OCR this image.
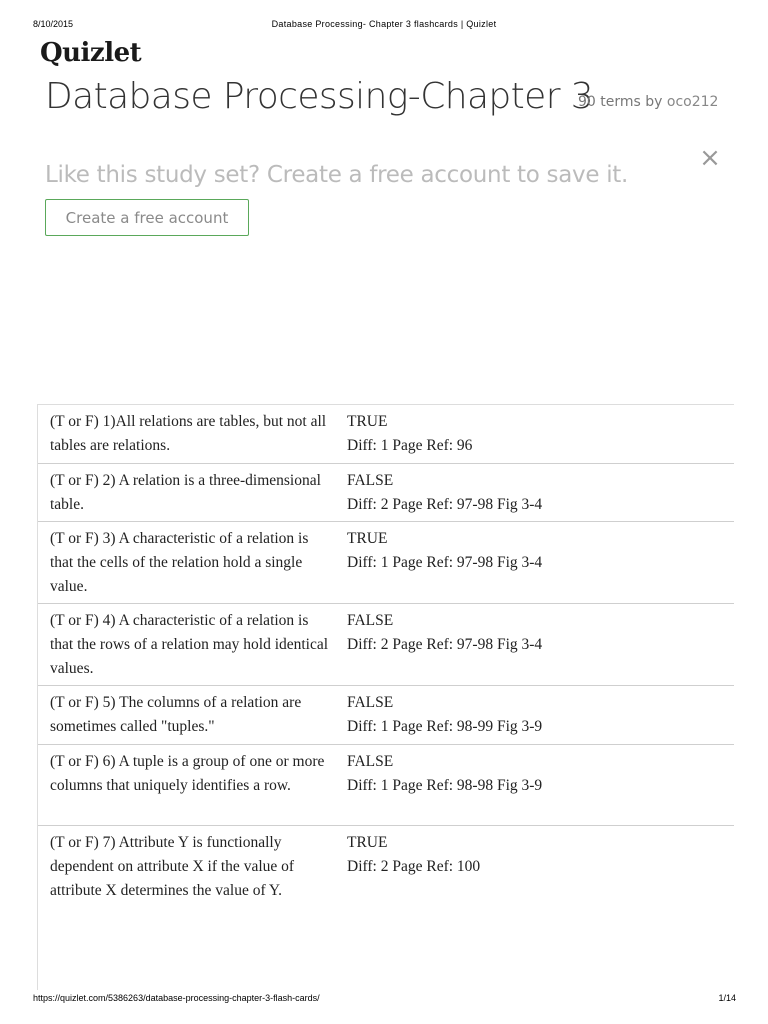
8/10/2015	Database Processing- Chapter 3 flashcards | Quizlet
Quizlet
Database Processing-Chapter 3
90 terms by oco212
×
Like this study set? Create a free account to save it.
Create a free account
(T or F) 1)All relations are tables, but not all tables are relations.
TRUE
Diff: 1 Page Ref: 96
(T or F) 2) A relation is a three-dimensional table.
FALSE
Diff: 2 Page Ref: 97-98 Fig 3-4
(T or F) 3) A characteristic of a relation is that the cells of the relation hold a single value.
TRUE
Diff: 1 Page Ref: 97-98 Fig 3-4
(T or F) 4) A characteristic of a relation is that the rows of a relation may hold identical values.
FALSE
Diff: 2 Page Ref: 97-98 Fig 3-4
(T or F) 5) The columns of a relation are sometimes called "tuples."
FALSE
Diff: 1 Page Ref: 98-99 Fig 3-9
(T or F) 6) A tuple is a group of one or more columns that uniquely identifies a row.
FALSE
Diff: 1 Page Ref: 98-98 Fig 3-9
(T or F) 7) Attribute Y is functionally dependent on attribute X if the value of attribute X determines the value of Y.
TRUE
Diff: 2 Page Ref: 100
https://quizlet.com/5386263/database-processing-chapter-3-flash-cards/	1/14
